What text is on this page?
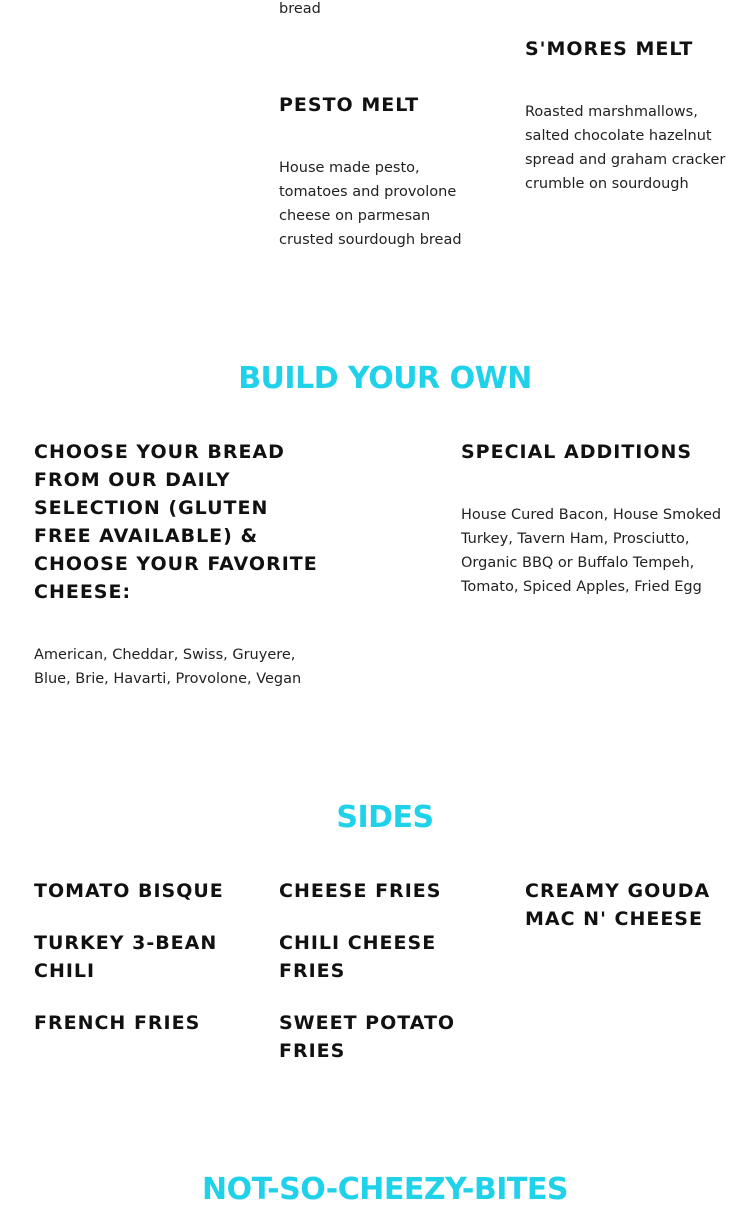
bread

PESTO MELT
House made pesto,
tomatoes and provolone
cheese on parmesan
crusted sourdough bread
S'MORES MELT
Roasted marshmallows,
salted chocolate hazelnut
spread and graham cracker
crumble on sourdough
BUILD YOUR OWN
CHOOSE YOUR BREAD
FROM OUR DAILY
SELECTION (GLUTEN
FREE AVAILABLE) &
CHOOSE YOUR FAVORITE
CHEESE:
American, Cheddar, Swiss, Gruyere,
Blue, Brie, Havarti, Provolone, Vegan
SPECIAL ADDITIONS
House Cured Bacon, House Smoked
Turkey, Tavern Ham, Prosciutto,
Organic BBQ or Buffalo Tempeh,
Tomato, Spiced Apples, Fried Egg
SIDES
TOMATO BISQUE
TURKEY 3-BEAN
CHILI
FRENCH FRIES
CHEESE FRIES
CHILI CHEESE
FRIES
SWEET POTATO
FRIES
CREAMY GOUDA
MAC N' CHEESE
NOT-SO-CHEEZY-BITES
